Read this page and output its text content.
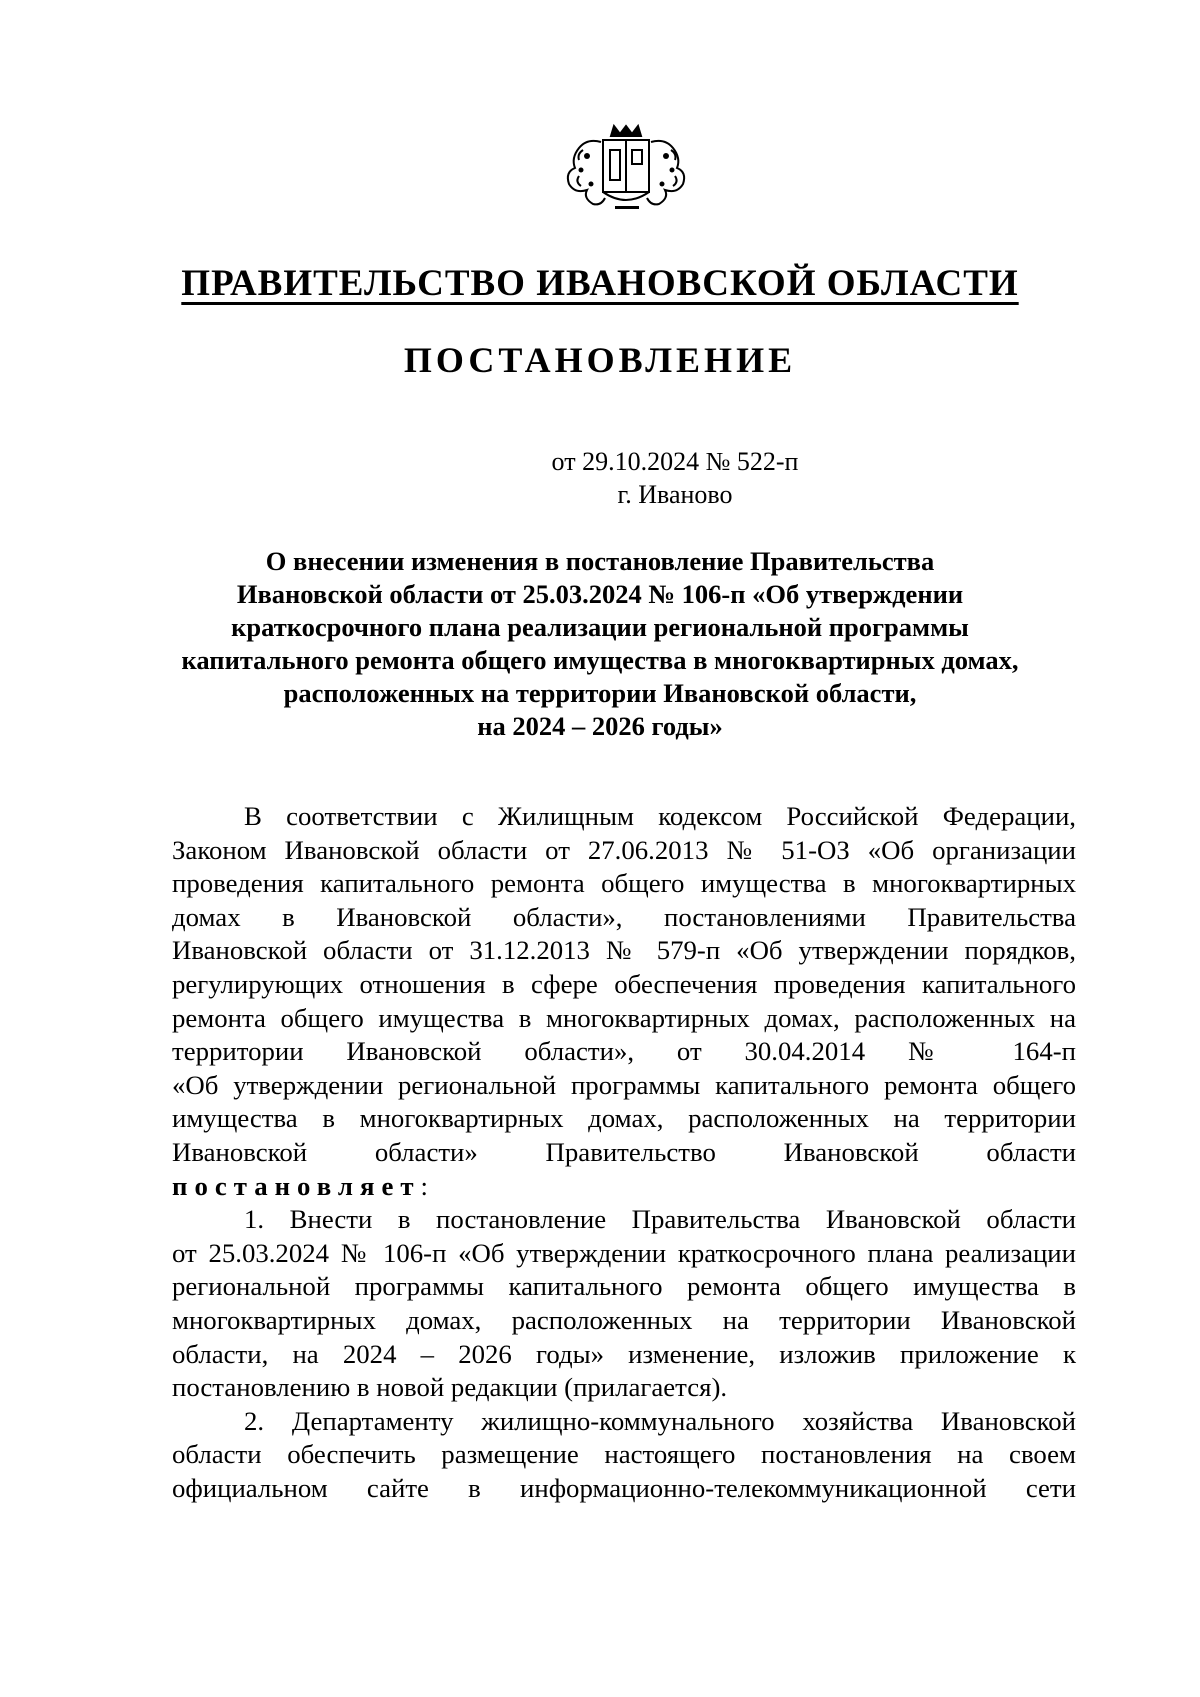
ПРАВИТЕЛЬСТВО ИВАНОВСКОЙ ОБЛАСТИ
ПОСТАНОВЛЕНИЕ
от 29.10.2024 № 522-п
г. Иваново
О внесении изменения в постановление Правительства
Ивановской области от 25.03.2024 № 106-п «Об утверждении
краткосрочного плана реализации региональной программы
капитального ремонта общего имущества в многоквартирных домах,
расположенных на территории Ивановской области,
на 2024 – 2026 годы»
В соответствии с Жилищным кодексом Российской Федерации,
Законом Ивановской области от 27.06.2013 № 51-ОЗ «Об организации
проведения капитального ремонта общего имущества в многоквартирных
домах в Ивановской области», постановлениями Правительства
Ивановской области от 31.12.2013 № 579-п «Об утверждении порядков,
регулирующих отношения в сфере обеспечения проведения капитального
ремонта общего имущества в многоквартирных домах, расположенных на
территории Ивановской области», от 30.04.2014 № 164-п
«Об утверждении региональной программы капитального ремонта общего
имущества в многоквартирных домах, расположенных на территории
Ивановской области» Правительство Ивановской области
постановляет:
1. Внести в постановление Правительства Ивановской области
от 25.03.2024 № 106-п «Об утверждении краткосрочного плана реализации
региональной программы капитального ремонта общего имущества в
многоквартирных домах, расположенных на территории Ивановской
области, на 2024 – 2026 годы» изменение, изложив приложение к
постановлению в новой редакции (прилагается).
2. Департаменту жилищно-коммунального хозяйства Ивановской
области обеспечить размещение настоящего постановления на своем
официальном сайте в информационно-телекоммуникационной сети
